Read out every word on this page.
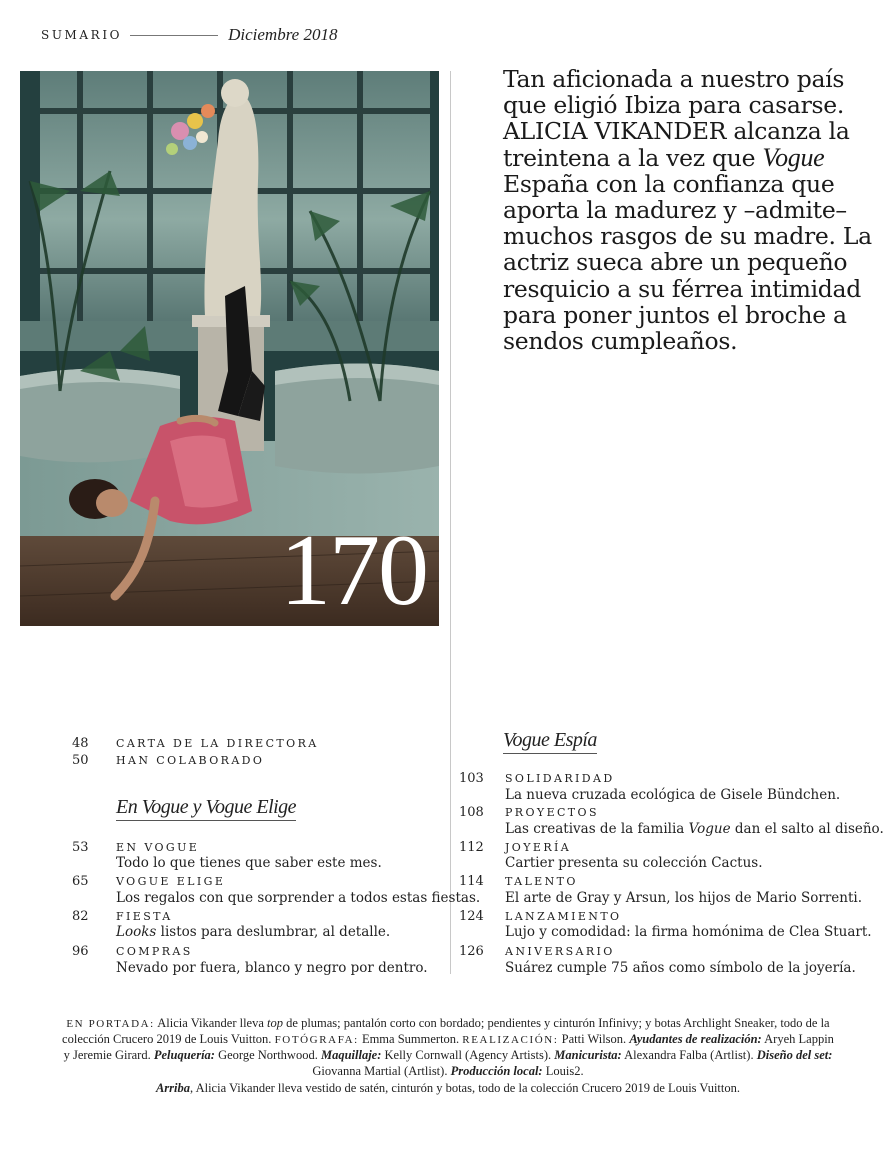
SUMARIO	Diciembre 2018
170

Tan aficionada a nuestro país que eligió Ibiza para casarse. ALICIA VIKANDER alcanza la treintena a la vez que Vogue España con la confianza que aporta la madurez y –admite– muchos rasgos de su madre. La actriz sueca abre un pequeño resquicio a su férrea intimidad para poner juntos el broche a sendos cumpleaños.

48 CARTA DE LA DIRECTORA
50 HAN COLABORADO
En Vogue y Vogue Elige
53 EN VOGUE
Todo lo que tienes que saber este mes.
65 VOGUE ELIGE
Los regalos con que sorprender a todos estas fiestas.
82 FIESTA
Looks listos para deslumbrar, al detalle.
96 COMPRAS
Nevado por fuera, blanco y negro por dentro.
Vogue Espía
103 SOLIDARIDAD
La nueva cruzada ecológica de Gisele Bündchen.
108 PROYECTOS
Las creativas de la familia Vogue dan el salto al diseño.
112 JOYERÍA
Cartier presenta su colección Cactus.
114 TALENTO
El arte de Gray y Arsun, los hijos de Mario Sorrenti.
124 LANZAMIENTO
Lujo y comodidad: la firma homónima de Clea Stuart.
126 ANIVERSARIO
Suárez cumple 75 años como símbolo de la joyería.

EN PORTADA: Alicia Vikander lleva top de plumas; pantalón corto con bordado; pendientes y cinturón Infinivy; y botas Archlight Sneaker, todo de la colección Crucero 2019 de Louis Vuitton. FOTÓGRAFA: Emma Summerton. REALIZACIÓN: Patti Wilson. Ayudantes de realización: Aryeh Lappin y Jeremie Girard. Peluquería: George Northwood. Maquillaje: Kelly Cornwall (Agency Artists). Manicurista: Alexandra Falba (Artlist). Diseño del set: Giovanna Martial (Artlist). Producción local: Louis2.

Arriba, Alicia Vikander lleva vestido de satén, cinturón y botas, todo de la colección Crucero 2019 de Louis Vuitton.
